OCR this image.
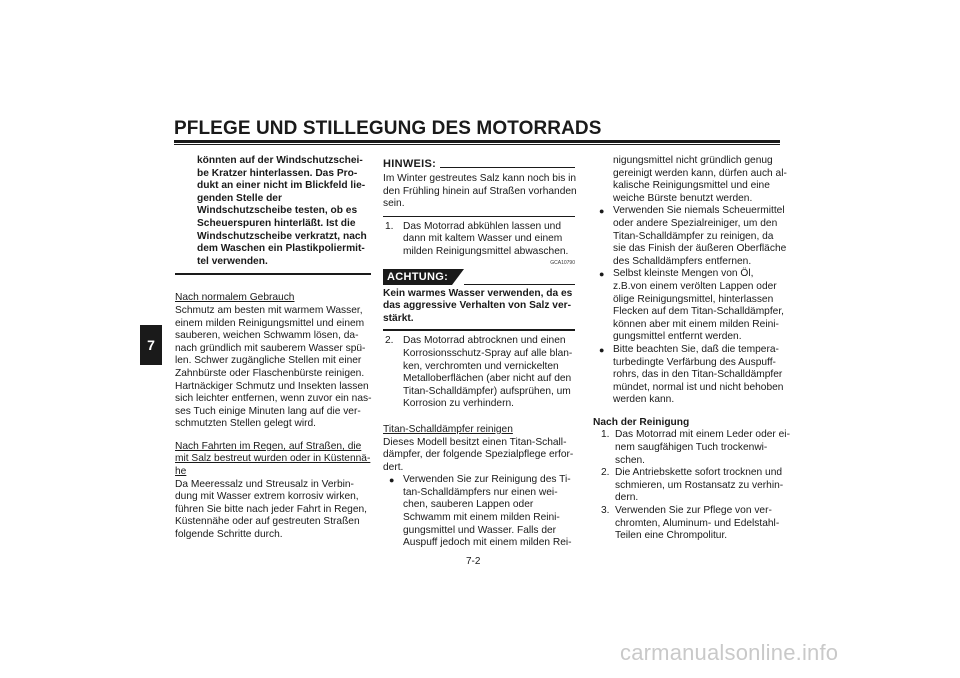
PFLEGE UND STILLEGUNG DES MOTORRADS
7
könnten auf der Windschutzschei-
be Kratzer hinterlassen. Das Pro-
dukt an einer nicht im Blickfeld lie-
genden Stelle der
Windschutzscheibe testen, ob es
Scheuerspuren hinterläßt. Ist die
Windschutzscheibe verkratzt, nach
dem Waschen ein Plastikpoliermit-
tel verwenden.
Nach normalem Gebrauch
Schmutz am besten mit warmem Wasser,
einem milden Reinigungsmittel und einem
sauberen, weichen Schwamm lösen, da-
nach gründlich mit sauberem Wasser spü-
len. Schwer zugängliche Stellen mit einer
Zahnbürste oder Flaschenbürste reinigen.
Hartnäckiger Schmutz und Insekten lassen
sich leichter entfernen, wenn zuvor ein nas-
ses Tuch einige Minuten lang auf die ver-
schmutzten Stellen gelegt wird.
Nach Fahrten im Regen, auf Straßen, die
mit Salz bestreut wurden oder in Küstennä-
he
Da Meeressalz und Streusalz in Verbin-
dung mit Wasser extrem korrosiv wirken,
führen Sie bitte nach jeder Fahrt in Regen,
Küstennähe oder auf gestreuten Straßen
folgende Schritte durch.
HINWEIS:
Im Winter gestreutes Salz kann noch bis in
den Frühling hinein auf Straßen vorhanden
sein.
1. Das Motorrad abkühlen lassen und
dann mit kaltem Wasser und einem
milden Reinigungsmittel abwaschen.
GCA10790
ACHTUNG:
Kein warmes Wasser verwenden, da es
das aggressive Verhalten von Salz ver-
stärkt.
2. Das Motorrad abtrocknen und einen
Korrosionsschutz-Spray auf alle blan-
ken, verchromten und vernickelten
Metalloberflächen (aber nicht auf den
Titan-Schalldämpfer) aufsprühen, um
Korrosion zu verhindern.
Titan-Schalldämpfer reinigen
Dieses Modell besitzt einen Titan-Schall-
dämpfer, der folgende Spezialpflege erfor-
dert.
● Verwenden Sie zur Reinigung des Ti-
tan-Schalldämpfers nur einen wei-
chen, sauberen Lappen oder
Schwamm mit einem milden Reini-
gungsmittel und Wasser. Falls der
Auspuff jedoch mit einem milden Rei-
nigungsmittel nicht gründlich genug
gereinigt werden kann, dürfen auch al-
kalische Reinigungsmittel und eine
weiche Bürste benutzt werden.
● Verwenden Sie niemals Scheuermittel
oder andere Spezialreiniger, um den
Titan-Schalldämpfer zu reinigen, da
sie das Finish der äußeren Oberfläche
des Schalldämpfers entfernen.
● Selbst kleinste Mengen von Öl,
z.B.von einem verölten Lappen oder
ölige Reinigungsmittel, hinterlassen
Flecken auf dem Titan-Schalldämpfer,
können aber mit einem milden Reini-
gungsmittel entfernt werden.
● Bitte beachten Sie, daß die tempera-
turbedingte Verfärbung des Auspuff-
rohrs, das in den Titan-Schalldämpfer
mündet, normal ist und nicht behoben
werden kann.
Nach der Reinigung
1. Das Motorrad mit einem Leder oder ei-
nem saugfähigen Tuch trockenwi-
schen.
2. Die Antriebskette sofort trocknen und
schmieren, um Rostansatz zu verhin-
dern.
3. Verwenden Sie zur Pflege von ver-
chromten, Aluminum- und Edelstahl-
Teilen eine Chrompolitur.
7-2
carmanualsonline.info
